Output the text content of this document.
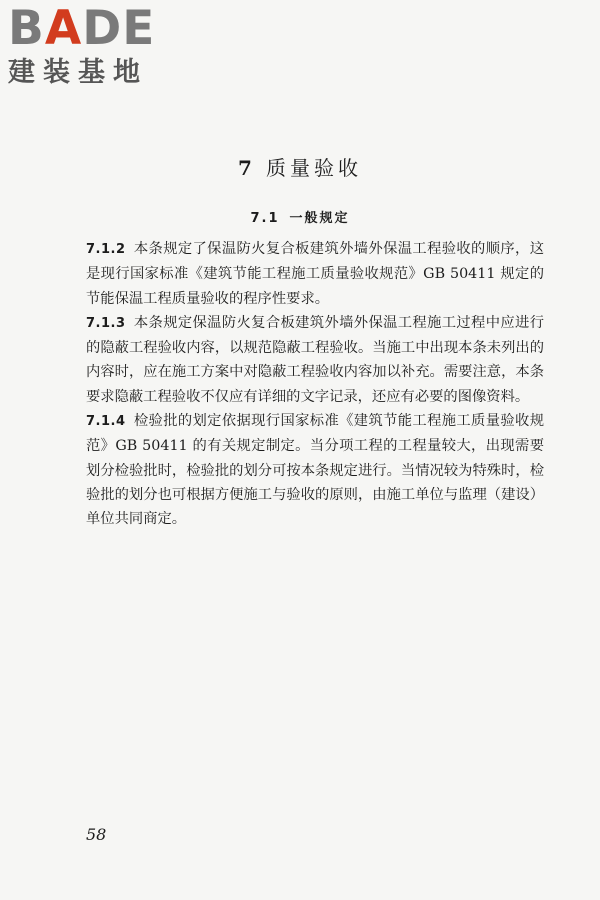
BADE
建装基地
7 质量验收
7.1 一般规定

7.1.2 本条规定了保温防火复合板建筑外墙外保温工程验收的顺序，这是现行国家标准《建筑节能工程施工质量验收规范》GB 50411 规定的节能保温工程质量验收的程序性要求。

7.1.3 本条规定保温防火复合板建筑外墙外保温工程施工过程中应进行的隐蔽工程验收内容，以规范隐蔽工程验收。当施工中出现本条未列出的内容时，应在施工方案中对隐蔽工程验收内容加以补充。需要注意，本条要求隐蔽工程验收不仅应有详细的文字记录，还应有必要的图像资料。

7.1.4 检验批的划定依据现行国家标准《建筑节能工程施工质量验收规范》GB 50411 的有关规定制定。当分项工程的工程量较大，出现需要划分检验批时，检验批的划分可按本条规定进行。当情况较为特殊时，检验批的划分也可根据方便施工与验收的原则，由施工单位与监理（建设）单位共同商定。

58
